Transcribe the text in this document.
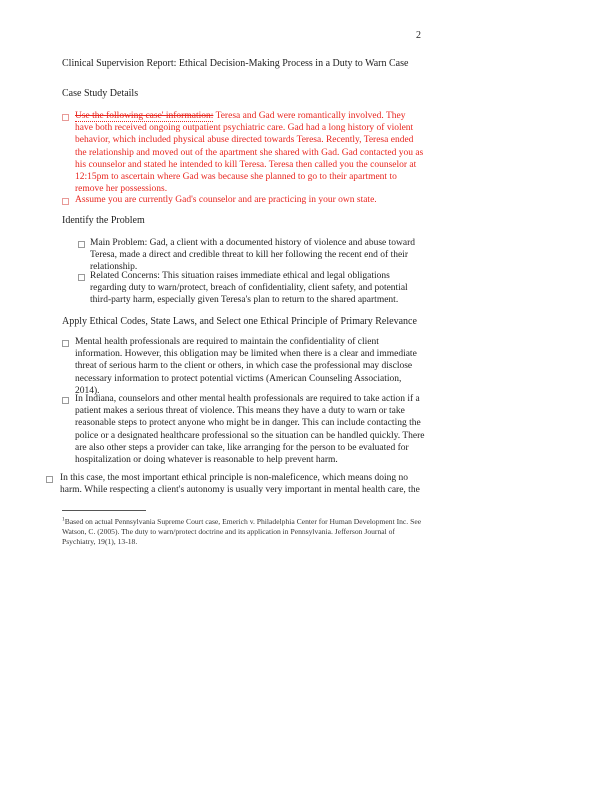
2
Clinical Supervision Report: Ethical Decision-Making Process in a Duty to Warn Case
Case Study Details
Use the following case' information: Teresa and Gad were romantically involved. They have both received ongoing outpatient psychiatric care. Gad had a long history of violent behavior, which included physical abuse directed towards Teresa. Recently, Teresa ended the relationship and moved out of the apartment she shared with Gad. Gad contacted you as his counselor and stated he intended to kill Teresa. Teresa then called you the counselor at 12:15pm to ascertain where Gad was because she planned to go to their apartment to remove her possessions.
Assume you are currently Gad's counselor and are practicing in your own state.
Identify the Problem
Main Problem: Gad, a client with a documented history of violence and abuse toward Teresa, made a direct and credible threat to kill her following the recent end of their relationship.
Related Concerns: This situation raises immediate ethical and legal obligations regarding duty to warn/protect, breach of confidentiality, client safety, and potential third-party harm, especially given Teresa's plan to return to the shared apartment.
Apply Ethical Codes, State Laws, and Select one Ethical Principle of Primary Relevance
Mental health professionals are required to maintain the confidentiality of client information. However, this obligation may be limited when there is a clear and immediate threat of serious harm to the client or others, in which case the professional may disclose necessary information to protect potential victims (American Counseling Association, 2014).
In Indiana, counselors and other mental health professionals are required to take action if a patient makes a serious threat of violence. This means they have a duty to warn or take reasonable steps to protect anyone who might be in danger. This can include contacting the police or a designated healthcare professional so the situation can be handled quickly. There are also other steps a provider can take, like arranging for the person to be evaluated for hospitalization or doing whatever is reasonable to help prevent harm.
In this case, the most important ethical principle is non-maleficence, which means doing no harm. While respecting a client's autonomy is usually very important in mental health care, the
$^1$Based on actual Pennsylvania Supreme Court case, Emerich v. Philadelphia Center for Human Development Inc. See Watson, C. (2005). The duty to warn/protect doctrine and its application in Pennsylvania. Jefferson Journal of Psychiatry, 19(1), 13-18.
